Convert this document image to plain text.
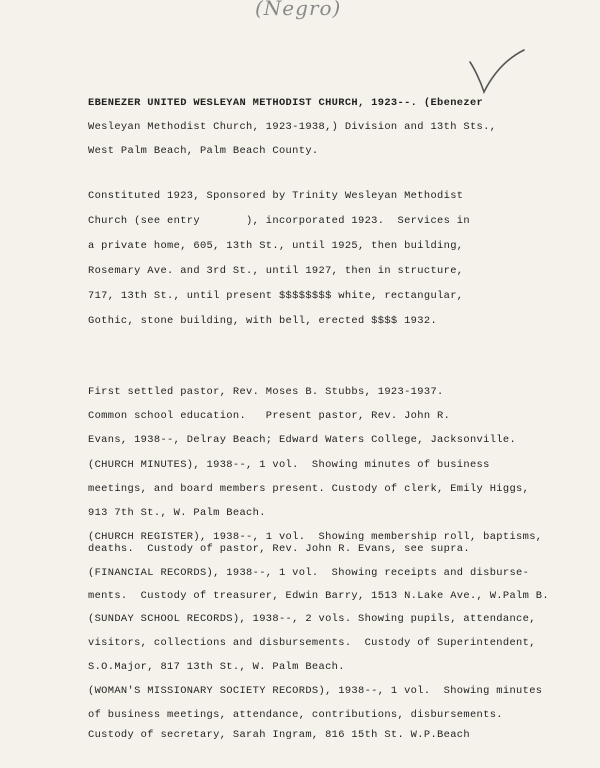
(Negro)
EBENEZER UNITED WESLEYAN METHODIST CHURCH, 1923--. (Ebenezer
Wesleyan Methodist Church, 1923-1938,) Division and 13th Sts.,
West Palm Beach, Palm Beach County.
Constituted 1923, Sponsored by Trinity Wesleyan Methodist
Church (see entry       ), incorporated 1923.  Services in
a private home, 605, 13th St., until 1925, then building,
Rosemary Ave. and 3rd St., until 1927, then in structure,
717, 13th St., until present $$$$$$$$ white, rectangular,
Gothic, stone building, with bell, erected $$$$ 1932.
First settled pastor, Rev. Moses B. Stubbs, 1923-1937.
Common school education.   Present pastor, Rev. John R.
Evans, 1938--, Delray Beach; Edward Waters College, Jacksonville.
(CHURCH MINUTES), 1938--, 1 vol.  Showing minutes of business
meetings, and board members present. Custody of clerk, Emily Higgs,
913 7th St., W. Palm Beach.
(CHURCH REGISTER), 1938--, 1 vol.  Showing membership roll, baptisms,
deaths.  Custody of pastor, Rev. John R. Evans, see supra.
(FINANCIAL RECORDS), 1938--, 1 vol.  Showing receipts and disburse-
ments.  Custody of treasurer, Edwin Barry, 1513 N.Lake Ave., W.Palm B.
(SUNDAY SCHOOL RECORDS), 1938--, 2 vols. Showing pupils, attendance,
visitors, collections and disbursements.  Custody of Superintendent,
S.O.Major, 817 13th St., W. Palm Beach.
(WOMAN'S MISSIONARY SOCIETY RECORDS), 1938--, 1 vol.  Showing minutes
of business meetings, attendance, contributions, disbursements.
Custody of secretary, Sarah Ingram, 816 15th St. W.P.Beach
